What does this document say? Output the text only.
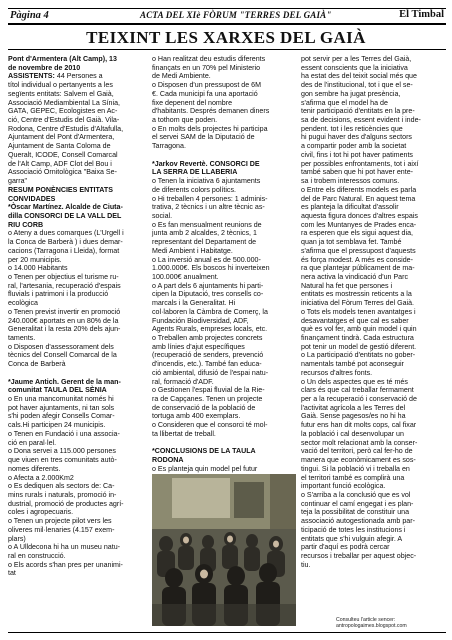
Pàgina 4	ACTA DEL XIè FÒRUM "TERRES DEL GAIÀ"	El Timbal
TEIXINT LES XARXES DEL GAIÀ
Pont d'Armentera (Alt Camp), 13
de novembre de 2010
ASSISTENTS: 44 Persones a
títol individual o pertanyents a les
segïents entitats: Salvem el Gaià,
Associació Mediambiental La Sínia,
GATA, GEPEC, Ecologistes en Ac-
ció, Centre d'Estudis del Gaià. Vila-
Rodona, Centre d'Estudis d'Altafulla,
Ajuntament del Pont d'Armentera,
Ajuntament de Santa Coloma de
Queralt, ICODE, Consell Comarcal
de l'Alt Camp, ADF Clot del Bou i
Associació Ornitològica "Baixa Se-
garra"
RESUM PONÈNCIES ENTITATS
CONVIDADES
*Òscar Martínez. Alcalde de Ciuta-
dilla CONSORCI DE LA VALL DEL
RIU CORB
o Ateny a dues comarques (L'Urgell i
la Conca de Barberà ) i dues demar-
cacions (Tarragona i Lleida), format
per 20 municipis.
o 14.000 Habitants
o Tenen per objectius el turisme ru-
ral, l'artesania, recuperació d'espais
fluvials i patrimoni i la producció
ecològica
o Tenen previst invertir en promoció
240.000€ aportats en un 80% de la
Generalitat i la resta 20% dels ajun-
taments.
o Disposen d'assessorament dels
tècnics del Consell Comarcal de la
Conca de Barberà

*Jaume Antich. Gerent de la man-
comunitat TAULA DEL SÈNIA
o En una mancomunitat només hi
pot haver ajuntaments, ni tan sols
s'hi poden afegir Consells Comar-
cals.Hi participen 24 municipis.
o Tenen en Fundació i una associa-
ció en paral·lel.
o Dona servei a 115.000 persones
que viuen en tres comunitats autò-
nomes diferents.
o Afecta a 2.000Km2
o Es dediquen als sectors de: Ca-
mins rurals i naturals, promoció in-
dustrial, promoció de productes agrí-
coles i agropecuaris.
o Tenen un projecte pilot vers les
oliveres mil·lenaries (4.157 exem-
plars)
o A Ulldecona hi ha un museu natu-
ral en construcció.
o Els acords s'han pres per unanimi-
tat
o Han realitzat deu estudis diferents
finançats en un 70% pel Ministerio
de Medi Ambiente.
o Disposen d'un pressupost de 6M
€. Cada municipi fa una aportació
fixe depenent del nombre
d'habitants. Després demanen diners
a tothom que poden.
o En molts dels projectes hi participa
el servei SAM de la Diputació de
Tarragona.

*Jarkov Revertè. CONSORCI DE
LA SERRA DE LLABERIA
o Tenen la iniciativa 6 ajuntaments
de diferents colors polítics.
o Hi treballen 4 persones: 1 adminis-
trativa, 2 tècnics i un altre tècnic as-
social.
o Es fan mensualment reunions de
junta amb 2 alcaldes, 2 tècnics, 1
representant del Departament de
Medi Ambient i Habitatge.
o La inversió anual es de 500.000-
1.000.000€. Els boscos hi inverteixen
100.000€ anualment.
o A part dels 6 ajuntaments hi parti-
cipen la Diputació, tres consells co-
marcals i la Generalitat. Hi
col·laboren la Càmbra de Comerç, la
Fundación Biodiversidad, ADF,
Agents Rurals, empreses locals, etc.
o Treballen amb projectes concrets
amb línies d'ajut específiques
(recuperació de senders, prevenció
d'incendis, etc.). També fan educa-
ció ambiental, difusió de l'espai natu-
ral, formació d'ADF.
o Gestionen l'espai fluvial de la Rie-
ra de Capçanes. Tenen un projecte
de conservació de la població de
tortuga amb 400 exemplars.
o Consideren que el consorci té mol-
ta llibertat de treball.

*CONCLUSIONS DE LA TAULA
RODONA
o Es planteja quin model pel futur
pot servir per a les Terres del Gaià,
essent conscients que la iniciativa
ha estat des del teixit social més que
des de l'institucional, tot i que el se-
gon sembre ha jugat presència,
s'afirma que el model ha de
tenir participació d'entitats en la pre-
sa de decisions, essent evident i inde-
pendent. tot i les reticències que
hi pugui haver des d'alguns sectors
a compartir poder amb la societat
civil, fins i tot hi pot haver patiments
per possibles enfrontaments, tot i així
també saben que hi pot haver ente-
sa i trobem interessos comuns.
o Entre els diferents models es parla
del de Parc Natural. En aquest tema
es planteja la dificultat d'assolir
aquesta figura donces d'altres espais
com les Muntanyes de Prades enca-
ra esperen que els sigui aquest dia,
quan ja tot semblava fet. També
s'afirma que el pressupost d'aquests
és força modest. A més es conside-
ra que plantejar públicament de ma-
nera activa la vindicació d'un Parc
Natural ha fet que persones i
entitats es mostressin reticents a la
iniciativa del Fòrum Terres del Gaià.
o Tots els models tenen avantatges i
desavantatges el que cal es saber
què es vol fer, amb quin model i quin
finançament tindrà. Cada estructura
pot tenir un model de gestió diferent.
o La participació d'entitats no gober-
namentals també pot aconseguir
recursos d'altres fonts.
o Un dels aspectes que es té més
clars és que cal treballar fermament
per a la recuperació i conservació de
l'activitat agrícola a les Terres del
Gaià. Sense pagesos/es no hi ha
futur ens han dit molts cops, cal fixar
la població i cal desenvolupar un
sector molt relacionat amb la conser-
vació del territori, però cal fer-ho de
manera que econòmicament es sos-
tingui. Si la població vi i treballa en
el territori també es complirà una
important funció ecològica.
o S'arriba a la conclusió que es vol
continuar el camí engegat i es plan-
teja la possibilitat de constituir una
associació autogestionada amb par-
ticipació de totes les institucions i
entitats que s'hi vulguin afegir. A
partir d'aquí es podrà cercar
recursos i treballar per aquest objec-
tiu.
Consulteu l'article sencer:
antropologaimes.blogspot.com
